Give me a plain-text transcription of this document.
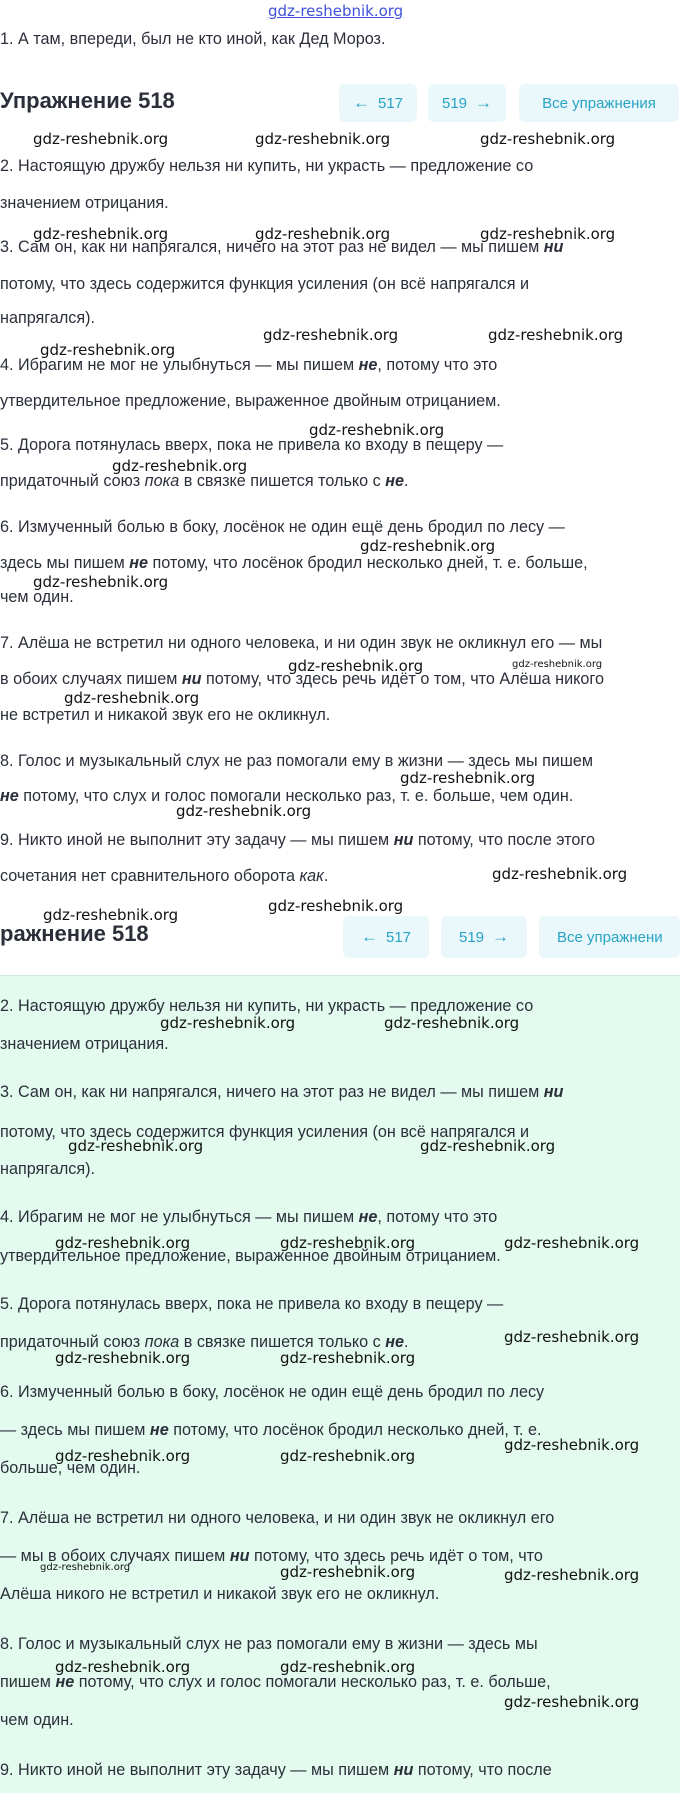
gdz-reshebnik.org
1. А там, впереди, был не кто иной, как Дед Мороз.
Упражнение 518	← 517	519 →	Все упражнения
2. Настоящую дружбу нельзя ни купить, ни украсть — предложение со
значением отрицания.
3. Сам он, как ни напрягался, ничего на этот раз не видел — мы пишем ни
потому, что здесь содержится функция усиления (он всё напрягался и
напрягался).
4. Ибрагим не мог не улыбнуться — мы пишем не, потому что это
утвердительное предложение, выраженное двойным отрицанием.
5. Дорога потянулась вверх, пока не привела ко входу в пещеру —
придаточный союз пока в связке пишется только с не.
6. Измученный болью в боку, лосёнок не один ещё день бродил по лесу —
здесь мы пишем не потому, что лосёнок бродил несколько дней, т. е. больше,
чем один.
7. Алёша не встретил ни одного человека, и ни один звук не окликнул его — мы
в обоих случаях пишем ни потому, что здесь речь идёт о том, что Алёша никого
не встретил и никакой звук его не окликнул.
8. Голос и музыкальный слух не раз помогали ему в жизни — здесь мы пишем
не потому, что слух и голос помогали несколько раз, т. е. больше, чем один.
9. Никто иной не выполнит эту задачу — мы пишем ни потому, что после этого
сочетания нет сравнительного оборота как.
ражнение 518	← 517	519 →	Все упражнени
2. Настоящую дружбу нельзя ни купить, ни украсть — предложение со
значением отрицания.
3. Сам он, как ни напрягался, ничего на этот раз не видел — мы пишем ни
потому, что здесь содержится функция усиления (он всё напрягался и
напрягался).
4. Ибрагим не мог не улыбнуться — мы пишем не, потому что это
утвердительное предложение, выраженное двойным отрицанием.
5. Дорога потянулась вверх, пока не привела ко входу в пещеру —
придаточный союз пока в связке пишется только с не.
6. Измученный болью в боку, лосёнок не один ещё день бродил по лесу
— здесь мы пишем не потому, что лосёнок бродил несколько дней, т. е.
больше, чем один.
7. Алёша не встретил ни одного человека, и ни один звук не окликнул его
— мы в обоих случаях пишем ни потому, что здесь речь идёт о том, что
Алёша никого не встретил и никакой звук его не окликнул.
8. Голос и музыкальный слух не раз помогали ему в жизни — здесь мы
пишем не потому, что слух и голос помогали несколько раз, т. е. больше,
чем один.
9. Никто иной не выполнит эту задачу — мы пишем ни потому, что после
gdz-reshebnik.org	gdz-reshebnik.org	gdz-reshebnik.org
gdz-reshebnik.org	gdz-reshebnik.org	gdz-reshebnik.org
gdz-reshebnik.org	gdz-reshebnik.org
gdz-reshebnik.org
gdz-reshebnik.org
gdz-reshebnik.org
gdz-reshebnik.org
gdz-reshebnik.org
gdz-reshebnik.org	gdz-reshebnik.org
gdz-reshebnik.org
gdz-reshebnik.org
gdz-reshebnik.org
gdz-reshebnik.org
gdz-reshebnik.org
gdz-reshebnik.org
gdz-reshebnik.org	gdz-reshebnik.org
gdz-reshebnik.org	gdz-reshebnik.org
gdz-reshebnik.org	gdz-reshebnik.org	gdz-reshebnik.org
gdz-reshebnik.org
gdz-reshebnik.org	gdz-reshebnik.org
gdz-reshebnik.org
gdz-reshebnik.org	gdz-reshebnik.org
gdz-reshebnik.org	gdz-reshebnik.org	gdz-reshebnik.org
gdz-reshebnik.org	gdz-reshebnik.org
gdz-reshebnik.org
